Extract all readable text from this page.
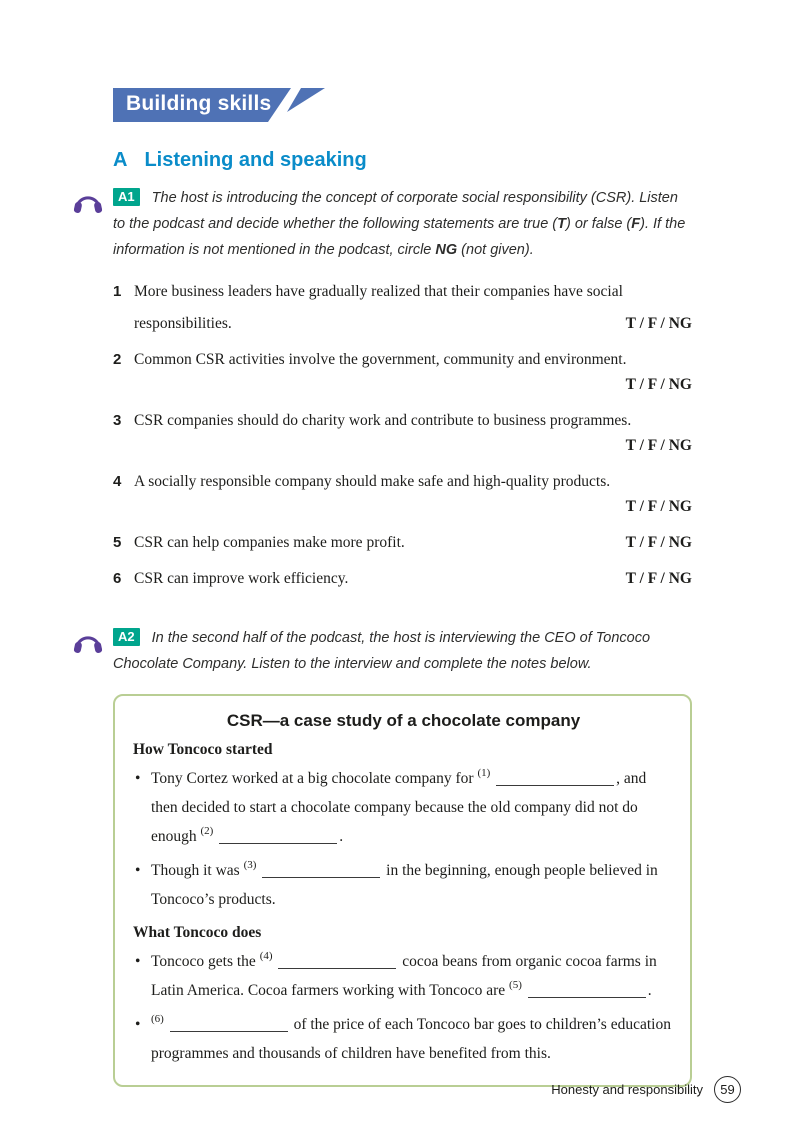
Building skills
A Listening and speaking

A1 The host is introducing the concept of corporate social responsibility (CSR). Listen to the podcast and decide whether the following statements are true (T) or false (F). If the information is not mentioned in the podcast, circle NG (not given).

1 More business leaders have gradually realized that their companies have social responsibilities.	T / F / NG
2 Common CSR activities involve the government, community and environment.
T / F / NG
3 CSR companies should do charity work and contribute to business programmes.
T / F / NG
4 A socially responsible company should make safe and high-quality products.
T / F / NG
5 CSR can help companies make more profit.	T / F / NG
6 CSR can improve work efficiency.	T / F / NG

A2 In the second half of the podcast, the host is interviewing the CEO of Toncoco Chocolate Company. Listen to the interview and complete the notes below.

CSR—a case study of a chocolate company
How Toncoco started
• Tony Cortez worked at a big chocolate company for $^{(1)}$	, and then decided to start a chocolate company because the old company did not do enough $^{(2)}$	.
• Though it was $^{(3)}$	in the beginning, enough people believed in Toncoco’s products.
What Toncoco does
• Toncoco gets the $^{(4)}$	cocoa beans from organic cocoa farms in Latin America. Cocoa farmers working with Toncoco are $^{(5)}$	.
• $^{(6)}$	of the price of each Toncoco bar goes to children’s education programmes and thousands of children have benefited from this.
Honesty and responsibility	59
